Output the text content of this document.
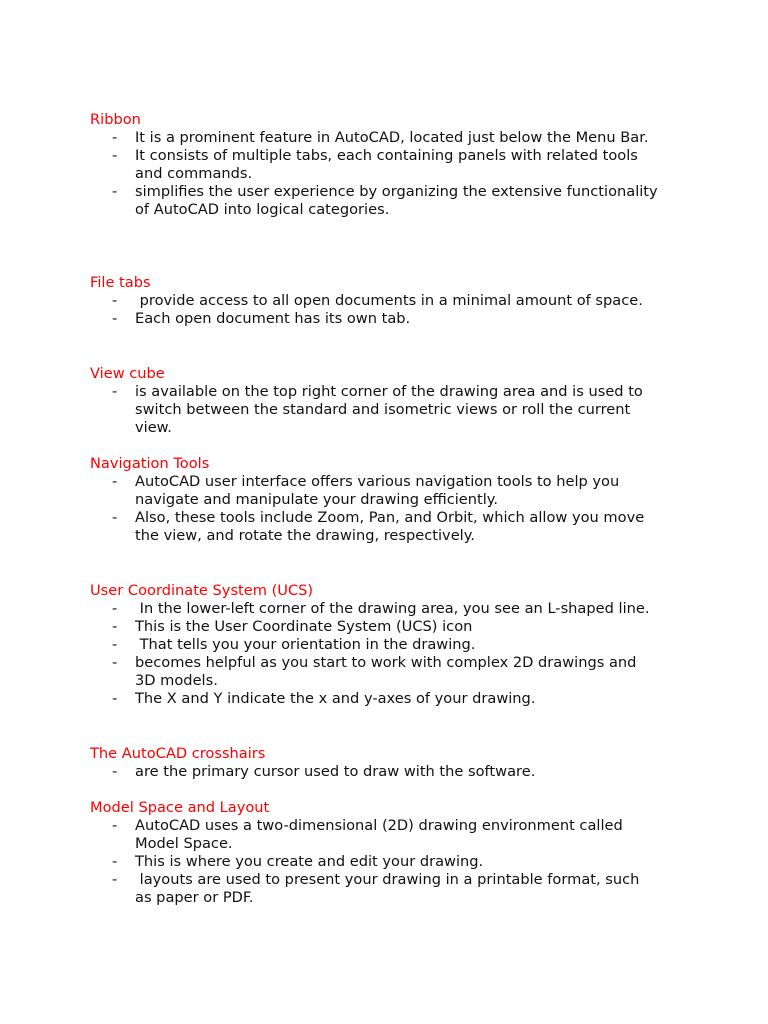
Ribbon
- It is a prominent feature in AutoCAD, located just below the Menu Bar.
- It consists of multiple tabs, each containing panels with related tools
and commands.
- simplifies the user experience by organizing the extensive functionality
of AutoCAD into logical categories.
File tabs
- provide access to all open documents in a minimal amount of space.
- Each open document has its own tab.
View cube
- is available on the top right corner of the drawing area and is used to
switch between the standard and isometric views or roll the current
view.
Navigation Tools
- AutoCAD user interface offers various navigation tools to help you
navigate and manipulate your drawing efficiently.
- Also, these tools include Zoom, Pan, and Orbit, which allow you move
the view, and rotate the drawing, respectively.
User Coordinate System (UCS)
- In the lower-left corner of the drawing area, you see an L-shaped line.
- This is the User Coordinate System (UCS) icon
- That tells you your orientation in the drawing.
- becomes helpful as you start to work with complex 2D drawings and
3D models.
- The X and Y indicate the x and y-axes of your drawing.
The AutoCAD crosshairs
- are the primary cursor used to draw with the software.
Model Space and Layout
- AutoCAD uses a two-dimensional (2D) drawing environment called
Model Space.
- This is where you create and edit your drawing.
- layouts are used to present your drawing in a printable format, such
as paper or PDF.
